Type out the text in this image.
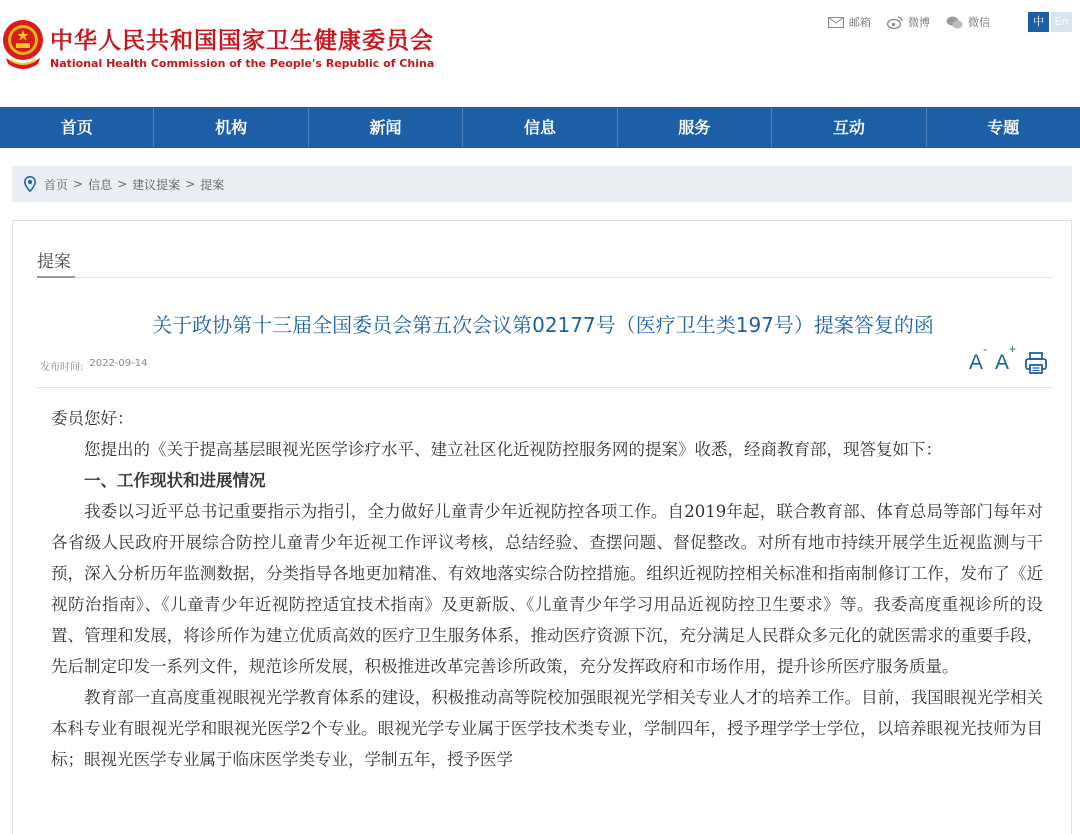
中华人民共和国国家卫生健康委员会
National Health Commission of the People's Republic of China
邮箱	微博	微信	中 En
首页	机构	新闻	信息	服务	互动	专题
首页 > 信息 > 建议提案 > 提案
提案
关于政协第十三届全国委员会第五次会议第02177号（医疗卫生类197号）提案答复的函
发布时间: 2022-09-14	A-
A+

委员您好：

您提出的《关于提高基层眼视光医学诊疗水平、建立社区化近视防控服务网的提案》收悉，经商教育部，现答复如下：

一、工作现状和进展情况

我委以习近平总书记重要指示为指引，全力做好儿童青少年近视防控各项工作。自2019年起，联合教育部、体育总局等部门每年对各省级人民政府开展综合防控儿童青少年近视工作评议考核，总结经验、查摆问题、督促整改。对所有地市持续开展学生近视监测与干预，深入分析历年监测数据，分类指导各地更加精准、有效地落实综合防控措施。组织近视防控相关标准和指南制修订工作，发布了《近视防治指南》、《儿童青少年近视防控适宜技术指南》及更新版、《儿童青少年学习用品近视防控卫生要求》等。我委高度重视诊所的设置、管理和发展，将诊所作为建立优质高效的医疗卫生服务体系，推动医疗资源下沉，充分满足人民群众多元化的就医需求的重要手段，先后制定印发一系列文件，规范诊所发展，积极推进改革完善诊所政策，充分发挥政府和市场作用，提升诊所医疗服务质量。

教育部一直高度重视眼视光学教育体系的建设，积极推动高等院校加强眼视光学相关专业人才的培养工作。目前，我国眼视光学相关本科专业有眼视光学和眼视光医学2个专业。眼视光学专业属于医学技术类专业，学制四年，授予理学学士学位，以培养眼视光技师为目标；眼视光医学专业属于临床医学类专业，学制五年，授予医学
